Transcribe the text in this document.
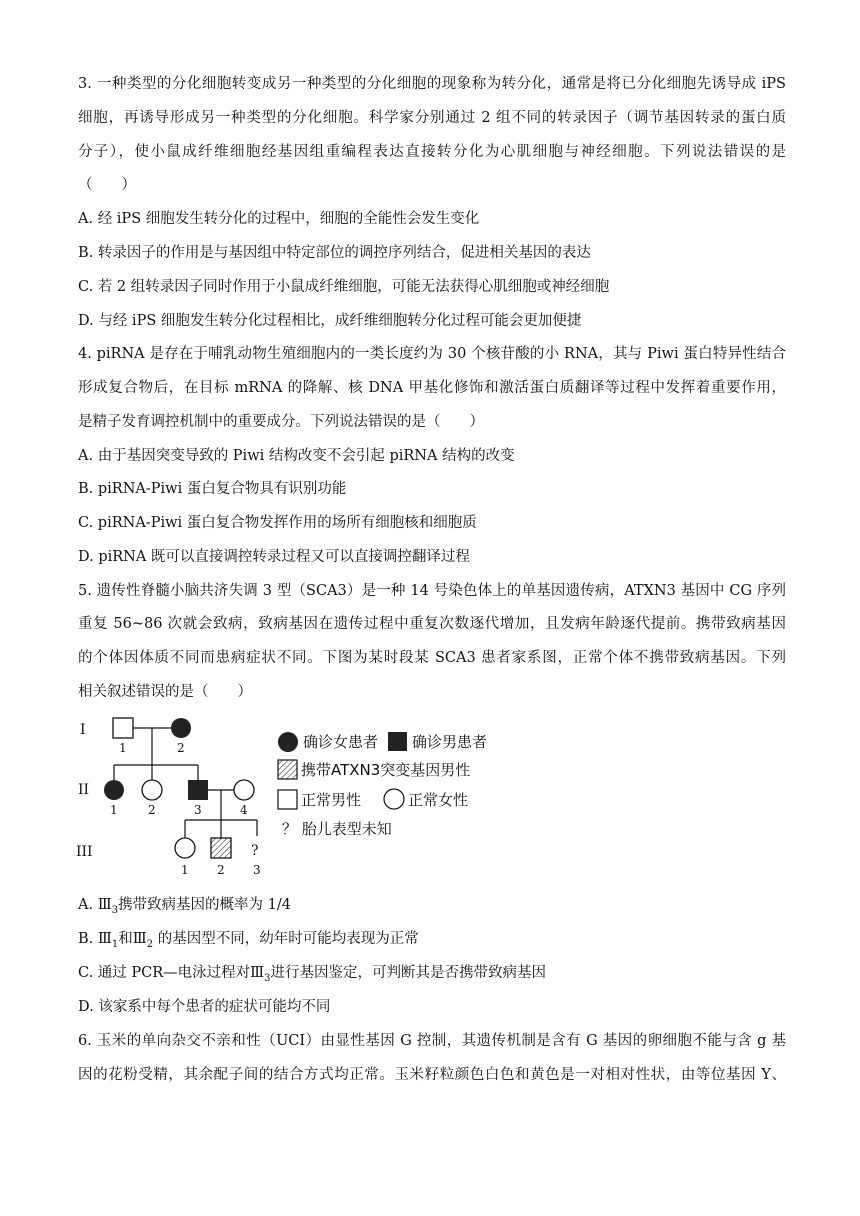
3. 一种类型的分化细胞转变成另一种类型的分化细胞的现象称为转分化，通常是将已分化细胞先诱导成 iPS
细胞，再诱导形成另一种类型的分化细胞。科学家分别通过 2 组不同的转录因子（调节基因转录的蛋白质
分子），使小鼠成纤维细胞经基因组重编程表达直接转分化为心肌细胞与神经细胞。下列说法错误的是
（　　）
A. 经 iPS 细胞发生转分化的过程中，细胞的全能性会发生变化
B. 转录因子的作用是与基因组中特定部位的调控序列结合，促进相关基因的表达
C. 若 2 组转录因子同时作用于小鼠成纤维细胞，可能无法获得心肌细胞或神经细胞
D. 与经 iPS 细胞发生转分化过程相比，成纤维细胞转分化过程可能会更加便捷
4. piRNA 是存在于哺乳动物生殖细胞内的一类长度约为 30 个核苷酸的小 RNA，其与 Piwi 蛋白特异性结合
形成复合物后，在目标 mRNA 的降解、核 DNA 甲基化修饰和激活蛋白质翻译等过程中发挥着重要作用，
是精子发育调控机制中的重要成分。下列说法错误的是（　　）
A. 由于基因突变导致的 Piwi 结构改变不会引起 piRNA 结构的改变
B. piRNA-Piwi 蛋白复合物具有识别功能
C. piRNA-Piwi 蛋白复合物发挥作用的场所有细胞核和细胞质
D. piRNA 既可以直接调控转录过程又可以直接调控翻译过程
5. 遗传性脊髓小脑共济失调 3 型（SCA3）是一种 14 号染色体上的单基因遗传病，ATXN3 基因中 CG 序列
重复 56~86 次就会致病，致病基因在遗传过程中重复次数逐代增加，且发病年龄逐代提前。携带致病基因
的个体因体质不同而患病症状不同。下图为某时段某 SCA3 患者家系图，正常个体不携带致病基因。下列
相关叙述错误的是（　　）
I
II
III
1	2
1	2	3	4
?
1 2 3
确诊女患者 确诊男患者
携带ATXN3突变基因男性
正常男性	正常女性
？ 胎儿表型未知
A. $Ⅲ_3$携带致病基因的概率为 1/4
B. $Ⅲ_1$和$Ⅲ_2$ 的基因型不同，幼年时可能均表现为正常
C. 通过 PCR—电泳过程对$Ⅲ_3$进行基因鉴定，可判断其是否携带致病基因
D. 该家系中每个患者的症状可能均不同
6. 玉米的单向杂交不亲和性（UCI）由显性基因 G 控制，其遗传机制是含有 G 基因的卵细胞不能与含 g 基
因的花粉受精，其余配子间的结合方式均正常。玉米籽粒颜色白色和黄色是一对相对性状，由等位基因 Y、
